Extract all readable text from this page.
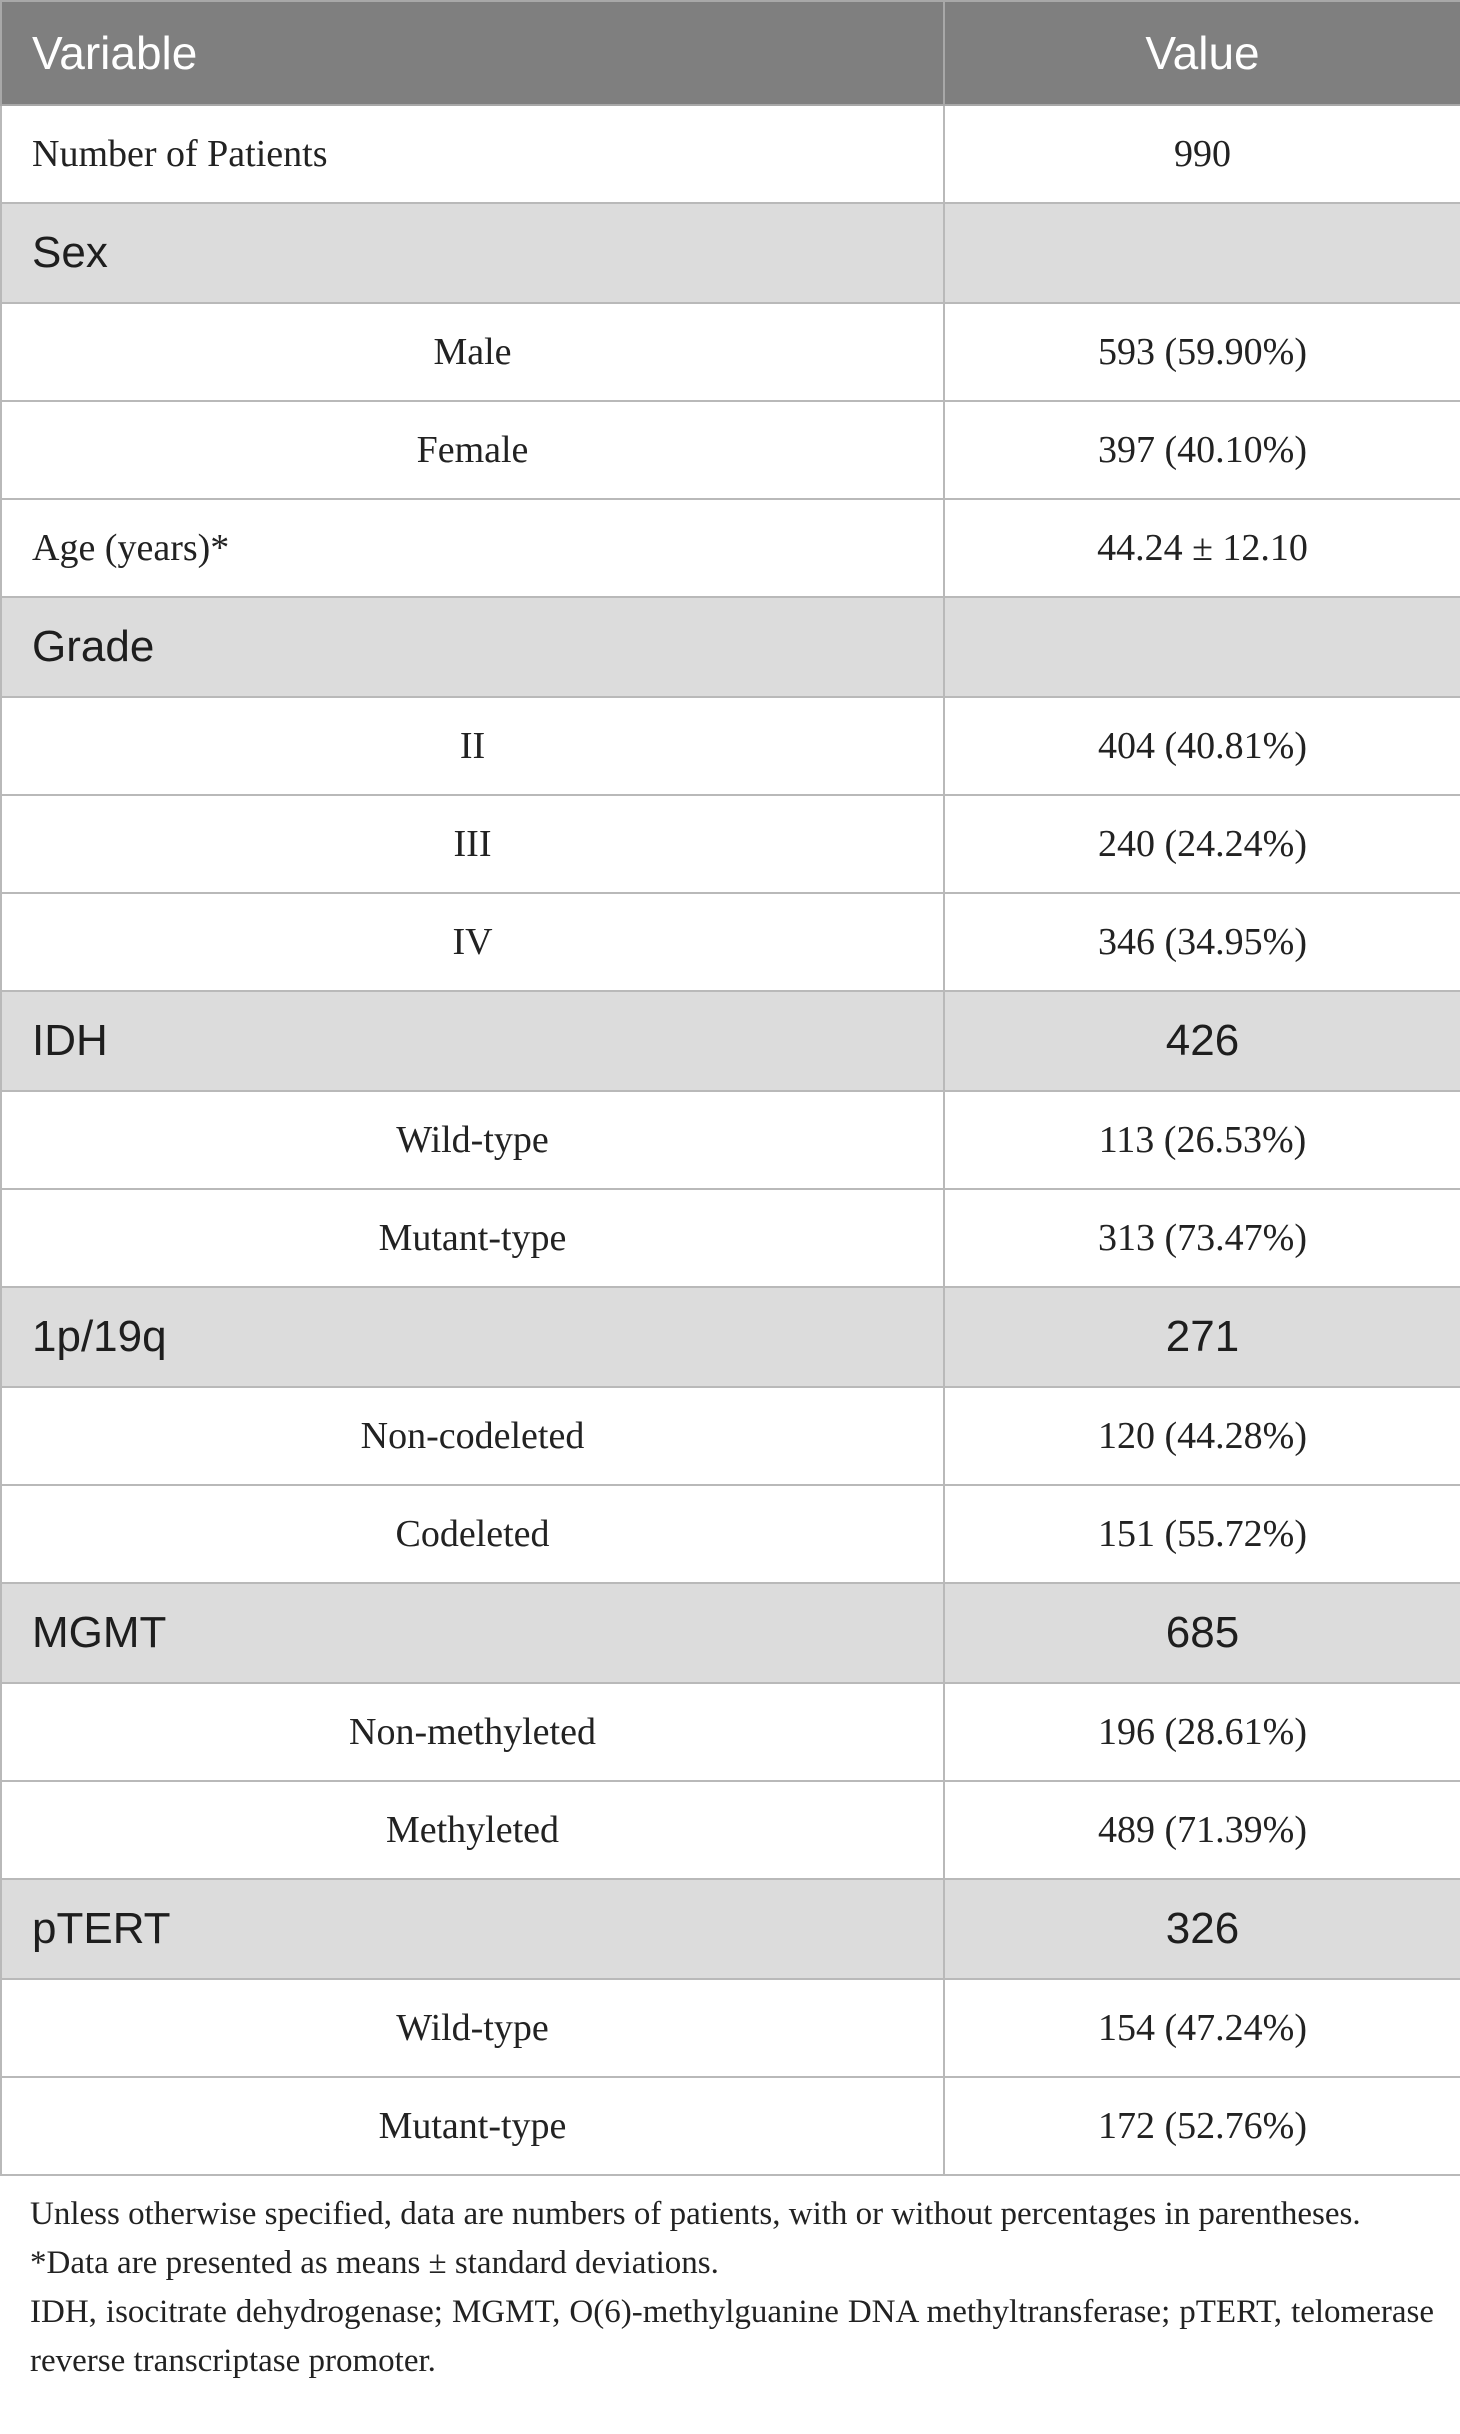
Variable	Value
Number of Patients	990
Sex	
Male	593 (59.90%)
Female	397 (40.10%)
Age (years)*	44.24 ± 12.10
Grade	
II	404 (40.81%)
III	240 (24.24%)
IV	346 (34.95%)
IDH	426
Wild-type	113 (26.53%)
Mutant-type	313 (73.47%)
1p/19q	271
Non-codeleted	120 (44.28%)
Codeleted	151 (55.72%)
MGMT	685
Non-methyleted	196 (28.61%)
Methyleted	489 (71.39%)
pTERT	326
Wild-type	154 (47.24%)
Mutant-type	172 (52.76%)

Unless otherwise specified, data are numbers of patients, with or without percentages in parentheses.

*Data are presented as means ± standard deviations.

IDH, isocitrate dehydrogenase; MGMT, O(6)-methylguanine DNA methyltransferase; pTERT, telomerase reverse transcriptase promoter.
